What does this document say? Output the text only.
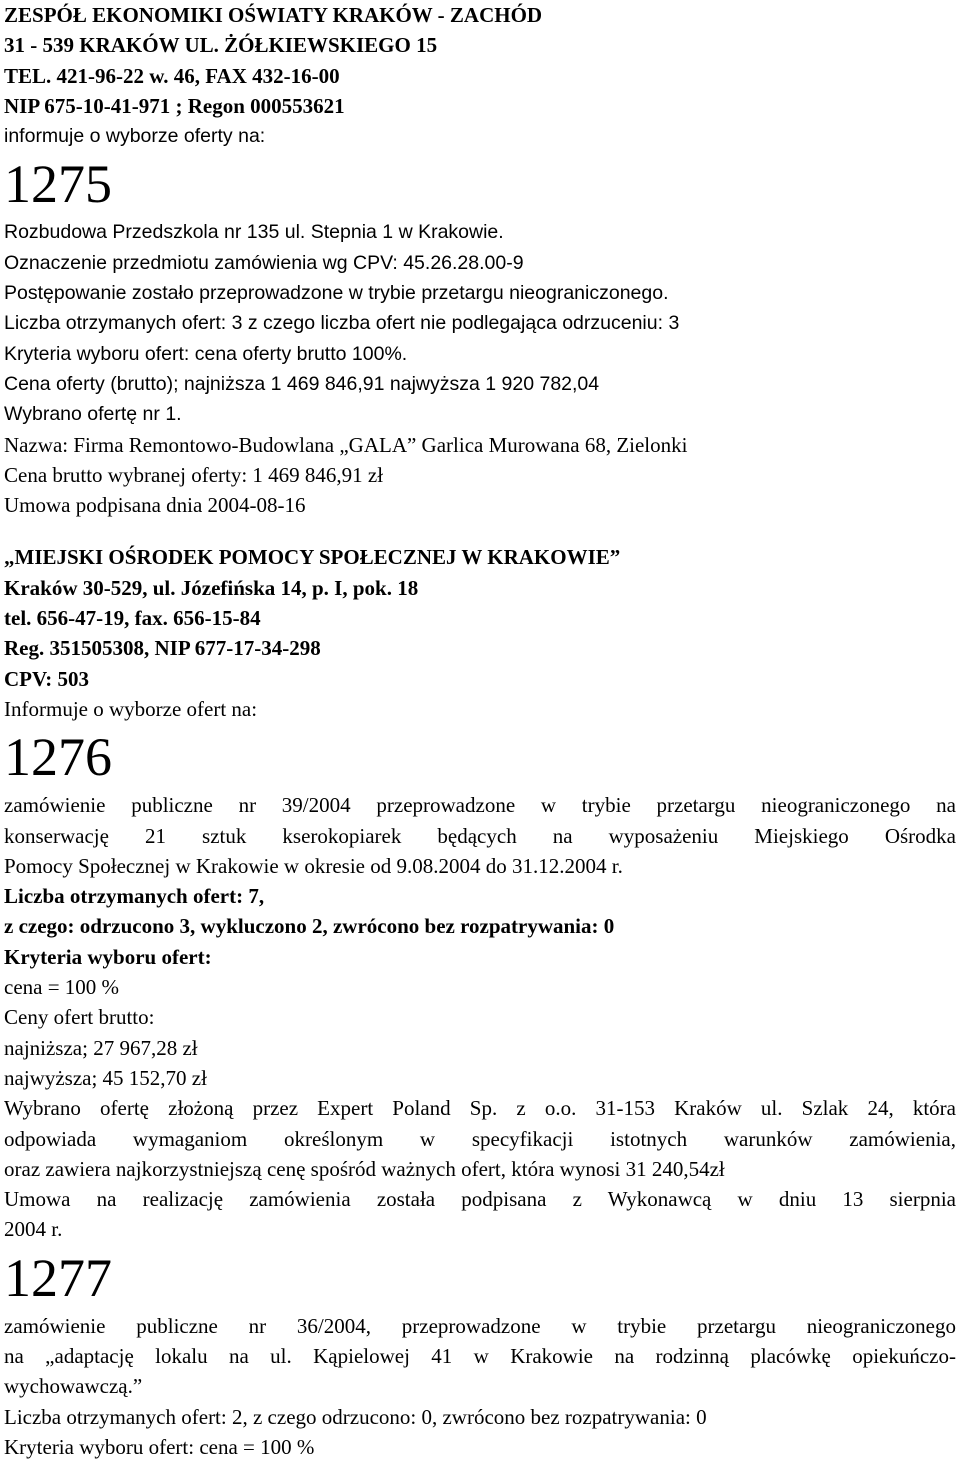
ZESPÓŁ EKONOMIKI OŚWIATY KRAKÓW - ZACHÓD
31 - 539 KRAKÓW UL. ŻÓŁKIEWSKIEGO 15
TEL. 421-96-22 w. 46, FAX 432-16-00
NIP 675-10-41-971 ; Regon 000553621
informuje o wyborze oferty na:
1275
Rozbudowa Przedszkola nr 135 ul. Stepnia 1 w Krakowie.
Oznaczenie przedmiotu zamówienia wg CPV: 45.26.28.00-9
Postępowanie zostało przeprowadzone w trybie przetargu nieograniczonego.
Liczba otrzymanych ofert: 3 z czego liczba ofert nie podlegająca odrzuceniu: 3
Kryteria wyboru ofert: cena oferty brutto 100%.
Cena oferty (brutto); najniższa 1 469 846,91 najwyższa 1 920 782,04
Wybrano ofertę nr 1.
Nazwa: Firma Remontowo-Budowlana „GALA” Garlica Murowana 68, Zielonki
Cena brutto wybranej oferty: 1 469 846,91 zł
Umowa podpisana dnia 2004-08-16
„MIEJSKI OŚRODEK POMOCY SPOŁECZNEJ W KRAKOWIE”
Kraków 30-529, ul. Józefińska 14, p. I, pok. 18
tel. 656-47-19, fax. 656-15-84
Reg. 351505308, NIP 677-17-34-298
CPV: 503
Informuje o wyborze ofert na:
1276
zamówienie publiczne nr 39/2004 przeprowadzone w trybie przetargu nieograniczonego na
konserwację 21 sztuk kserokopiarek będących na wyposażeniu Miejskiego Ośrodka
Pomocy Społecznej w Krakowie w okresie od 9.08.2004 do 31.12.2004 r.
Liczba otrzymanych ofert: 7,
z czego: odrzucono 3, wykluczono 2, zwrócono bez rozpatrywania: 0
Kryteria wyboru ofert:
cena = 100 %
Ceny ofert brutto:
najniższa; 27 967,28 zł
najwyższa; 45 152,70 zł
Wybrano ofertę złożoną przez Expert Poland Sp. z o.o. 31-153 Kraków ul. Szlak 24, która
odpowiada wymaganiom określonym w specyfikacji istotnych warunków zamówienia,
oraz zawiera najkorzystniejszą cenę spośród ważnych ofert, która wynosi 31 240,54zł
Umowa na realizację zamówienia została podpisana z Wykonawcą w dniu 13 sierpnia
2004 r.
1277
zamówienie publiczne nr 36/2004, przeprowadzone w trybie przetargu nieograniczonego
na „adaptację lokalu na ul. Kąpielowej 41 w Krakowie na rodzinną placówkę opiekuńczo-
wychowawczą.”
Liczba otrzymanych ofert: 2, z czego odrzucono: 0, zwrócono bez rozpatrywania: 0
Kryteria wyboru ofert: cena = 100 %
